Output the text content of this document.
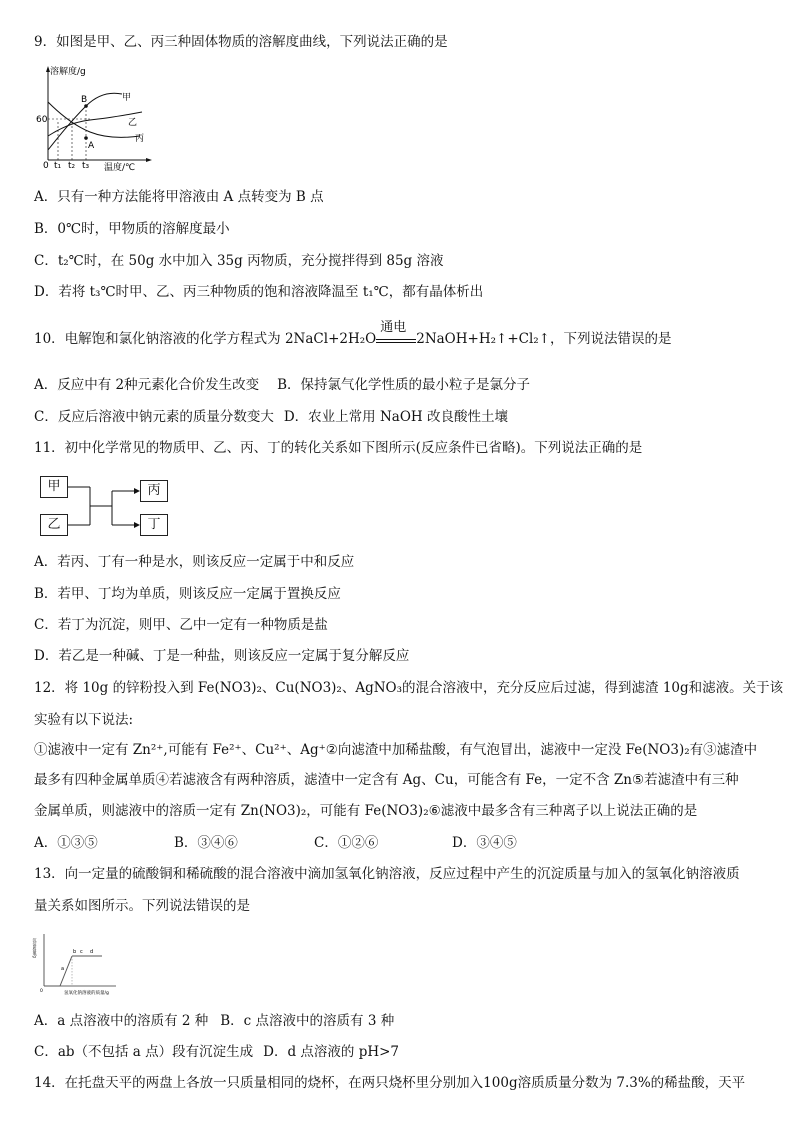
9．如图是甲、乙、丙三种固体物质的溶解度曲线，下列说法正确的是
溶解度/g
60
0 t₁ t₂ t₃ 温度/℃
甲
乙
丙
B
A
A．只有一种方法能将甲溶液由 A 点转变为 B 点
B．0℃时，甲物质的溶解度最小
C．t₂℃时，在 50g 水中加入 35g 丙物质，充分搅拌得到 85g 溶液
D．若将 t₃℃时甲、乙、丙三种物质的饱和溶液降温至 t₁℃，都有晶体析出
10．电解饱和氯化钠溶液的化学方程式为 2NaCl+2H₂O
通电
2NaOH+H₂↑+Cl₂↑，下列说法错误的是
A．反应中有 2种元素化合价发生改变 B．保持氯气化学性质的最小粒子是氯分子
C．反应后溶液中钠元素的质量分数变大 D．农业上常用 NaOH 改良酸性土壤
11．初中化学常见的物质甲、乙、丙、丁的转化关系如下图所示(反应条件已省略)。下列说法正确的是
甲
乙
丙
丁
A．若丙、丁有一种是水，则该反应一定属于中和反应
B．若甲、丁均为单质，则该反应一定属于置换反应
C．若丁为沉淀，则甲、乙中一定有一种物质是盐
D．若乙是一种碱、丁是一种盐，则该反应一定属于复分解反应
12．将 10g 的锌粉投入到 Fe(NO3)₂、Cu(NO3)₂、AgNO₃的混合溶液中，充分反应后过滤，得到滤渣 10g和滤液。关于该
实验有以下说法:
①滤液中一定有 Zn²⁺,可能有 Fe²⁺、Cu²⁺、Ag⁺②向滤渣中加稀盐酸，有气泡冒出，滤液中一定没 Fe(NO3)₂有③滤渣中
最多有四种金属单质④若滤液含有两种溶质，滤渣中一定含有 Ag、Cu，可能含有 Fe，一定不含 Zn⑤若滤渣中有三种
金属单质，则滤液中的溶质一定有 Zn(NO3)₂，可能有 Fe(NO3)₂⑥滤液中最多含有三种离子以上说法正确的是
A．①③⑤	B．③④⑥	C．①②⑥	D．③④⑤
13．向一定量的硫酸铜和稀硫酸的混合溶液中滴加氢氧化钠溶液，反应过程中产生的沉淀质量与加入的氢氧化钠溶液质
量关系如图所示。下列说法错误的是
沉淀质量/g
氢氧化钠溶液的质量/g
0
a
b c d
A．a 点溶液中的溶质有 2 种 B．c 点溶液中的溶质有 3 种
C．ab（不包括 a 点）段有沉淀生成 D．d 点溶液的 pH>7
14．在托盘天平的两盘上各放一只质量相同的烧杯，在两只烧杯里分别加入100g溶质质量分数为 7.3%的稀盐酸，天平
